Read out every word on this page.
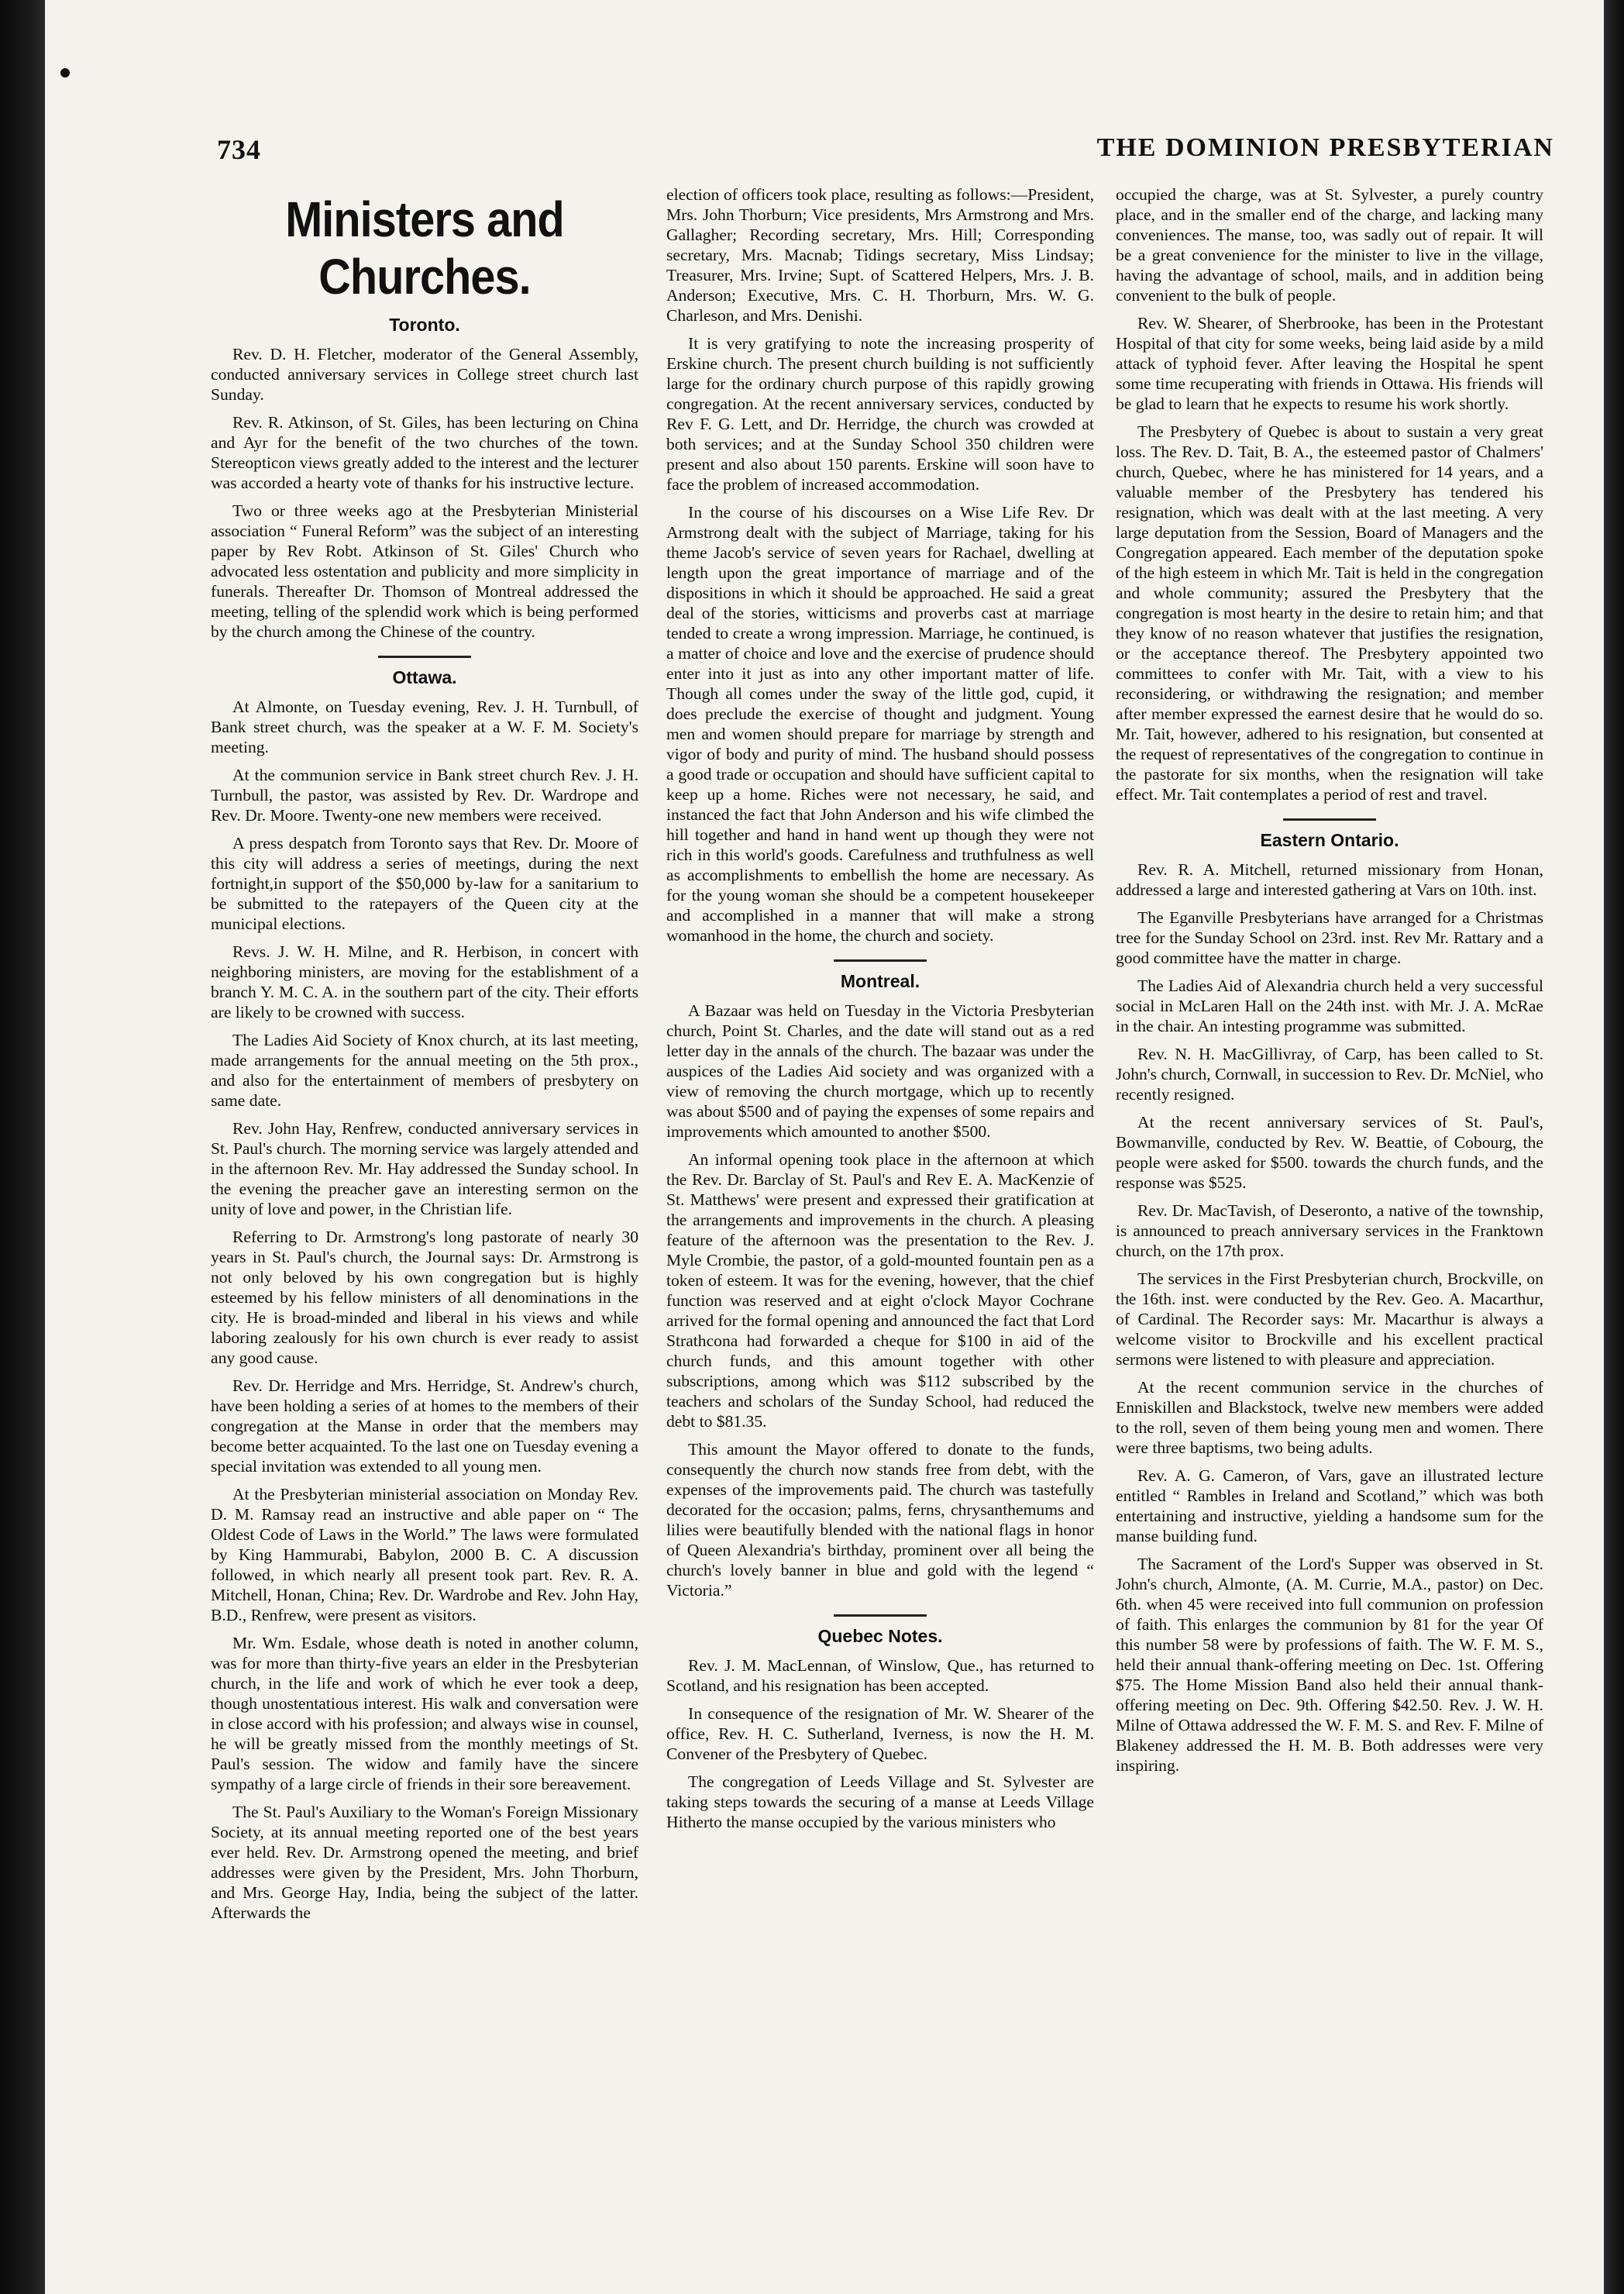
734	THE DOMINION PRESBYTERIAN
Ministers and Churches.
Toronto.

Rev. D. H. Fletcher, moderator of the General Assembly, conducted anniversary services in College street church last Sunday.

Rev. R. Atkinson, of St. Giles, has been lecturing on China and Ayr for the benefit of the two churches of the town. Stereopticon views greatly added to the interest and the lecturer was accorded a hearty vote of thanks for his instructive lecture.

Two or three weeks ago at the Presbyterian Ministerial association “ Funeral Reform” was the subject of an interesting paper by Rev Robt. Atkinson of St. Giles' Church who advocated less ostentation and publicity and more simplicity in funerals. Thereafter Dr. Thomson of Montreal addressed the meeting, telling of the splendid work which is being performed by the church among the Chinese of the country.

Ottawa.

At Almonte, on Tuesday evening, Rev. J. H. Turnbull, of Bank street church, was the speaker at a W. F. M. Society's meeting.

At the communion service in Bank street church Rev. J. H. Turnbull, the pastor, was assisted by Rev. Dr. Wardrope and Rev. Dr. Moore. Twenty-one new members were received.

A press despatch from Toronto says that Rev. Dr. Moore of this city will address a series of meetings, during the next fortnight,in support of the $50,000 by-law for a sanitarium to be submitted to the ratepayers of the Queen city at the municipal elections.

Revs. J. W. H. Milne, and R. Herbison, in concert with neighboring ministers, are moving for the establishment of a branch Y. M. C. A. in the southern part of the city. Their efforts are likely to be crowned with success.

The Ladies Aid Society of Knox church, at its last meeting, made arrangements for the annual meeting on the 5th prox., and also for the entertainment of members of presbytery on same date.

Rev. John Hay, Renfrew, conducted anniversary services in St. Paul's church. The morning service was largely attended and in the afternoon Rev. Mr. Hay addressed the Sunday school. In the evening the preacher gave an interesting sermon on the unity of love and power, in the Christian life.

Referring to Dr. Armstrong's long pastorate of nearly 30 years in St. Paul's church, the Journal says: Dr. Armstrong is not only beloved by his own congregation but is highly esteemed by his fellow ministers of all denominations in the city. He is broad-minded and liberal in his views and while laboring zealously for his own church is ever ready to assist any good cause.

Rev. Dr. Herridge and Mrs. Herridge, St. Andrew's church, have been holding a series of at homes to the members of their congregation at the Manse in order that the members may become better acquainted. To the last one on Tuesday evening a special invitation was extended to all young men.

At the Presbyterian ministerial association on Monday Rev. D. M. Ramsay read an instructive and able paper on “ The Oldest Code of Laws in the World.” The laws were formulated by King Hammurabi, Babylon, 2000 B. C. A discussion followed, in which nearly all present took part. Rev. R. A. Mitchell, Honan, China; Rev. Dr. Wardrobe and Rev. John Hay, B.D., Renfrew, were present as visitors.

Mr. Wm. Esdale, whose death is noted in another column, was for more than thirty-five years an elder in the Presbyterian church, in the life and work of which he ever took a deep, though unostentatious interest. His walk and conversation were in close accord with his profession; and always wise in counsel, he will be greatly missed from the monthly meetings of St. Paul's session. The widow and family have the sincere sympathy of a large circle of friends in their sore bereavement.

The St. Paul's Auxiliary to the Woman's Foreign Missionary Society, at its annual meeting reported one of the best years ever held. Rev. Dr. Armstrong opened the meeting, and brief addresses were given by the President, Mrs. John Thorburn, and Mrs. George Hay, India, being the subject of the latter. Afterwards the

election of officers took place, resulting as follows:—President, Mrs. John Thorburn; Vice presidents, Mrs Armstrong and Mrs. Gallagher; Recording secretary, Mrs. Hill; Corresponding secretary, Mrs. Macnab; Tidings secretary, Miss Lindsay; Treasurer, Mrs. Irvine; Supt. of Scattered Helpers, Mrs. J. B. Anderson; Executive, Mrs. C. H. Thorburn, Mrs. W. G. Charleson, and Mrs. Denishi.

It is very gratifying to note the increasing prosperity of Erskine church. The present church building is not sufficiently large for the ordinary church purpose of this rapidly growing congregation. At the recent anniversary services, conducted by Rev F. G. Lett, and Dr. Herridge, the church was crowded at both services; and at the Sunday School 350 children were present and also about 150 parents. Erskine will soon have to face the problem of increased accommodation.

In the course of his discourses on a Wise Life Rev. Dr Armstrong dealt with the subject of Marriage, taking for his theme Jacob's service of seven years for Rachael, dwelling at length upon the great importance of marriage and of the dispositions in which it should be approached. He said a great deal of the stories, witticisms and proverbs cast at marriage tended to create a wrong impression. Marriage, he continued, is a matter of choice and love and the exercise of prudence should enter into it just as into any other important matter of life. Though all comes under the sway of the little god, cupid, it does preclude the exercise of thought and judgment. Young men and women should prepare for marriage by strength and vigor of body and purity of mind. The husband should possess a good trade or occupation and should have sufficient capital to keep up a home. Riches were not necessary, he said, and instanced the fact that John Anderson and his wife climbed the hill together and hand in hand went up though they were not rich in this world's goods. Carefulness and truthfulness as well as accomplishments to embellish the home are necessary. As for the young woman she should be a competent housekeeper and accomplished in a manner that will make a strong womanhood in the home, the church and society.

Montreal.

A Bazaar was held on Tuesday in the Victoria Presbyterian church, Point St. Charles, and the date will stand out as a red letter day in the annals of the church. The bazaar was under the auspices of the Ladies Aid society and was organized with a view of removing the church mortgage, which up to recently was about $500 and of paying the expenses of some repairs and improvements which amounted to another $500.

An informal opening took place in the afternoon at which the Rev. Dr. Barclay of St. Paul's and Rev E. A. MacKenzie of St. Matthews' were present and expressed their gratification at the arrangements and improvements in the church. A pleasing feature of the afternoon was the presentation to the Rev. J. Myle Crombie, the pastor, of a gold-mounted fountain pen as a token of esteem. It was for the evening, however, that the chief function was reserved and at eight o'clock Mayor Cochrane arrived for the formal opening and announced the fact that Lord Strathcona had forwarded a cheque for $100 in aid of the church funds, and this amount together with other subscriptions, among which was $112 subscribed by the teachers and scholars of the Sunday School, had reduced the debt to $81.35.

This amount the Mayor offered to donate to the funds, consequently the church now stands free from debt, with the expenses of the improvements paid. The church was tastefully decorated for the occasion; palms, ferns, chrysanthemums and lilies were beautifully blended with the national flags in honor of Queen Alexandria's birthday, prominent over all being the church's lovely banner in blue and gold with the legend “ Victoria.”

Quebec Notes.

Rev. J. M. MacLennan, of Winslow, Que., has returned to Scotland, and his resignation has been accepted.

In consequence of the resignation of Mr. W. Shearer of the office, Rev. H. C. Sutherland, Iverness, is now the H. M. Convener of the Presbytery of Quebec.

The congregation of Leeds Village and St. Sylvester are taking steps towards the securing of a manse at Leeds Village Hitherto the manse occupied by the various ministers who

occupied the charge, was at St. Sylvester, a purely country place, and in the smaller end of the charge, and lacking many conveniences. The manse, too, was sadly out of repair. It will be a great convenience for the minister to live in the village, having the advantage of school, mails, and in addition being convenient to the bulk of people.

Rev. W. Shearer, of Sherbrooke, has been in the Protestant Hospital of that city for some weeks, being laid aside by a mild attack of typhoid fever. After leaving the Hospital he spent some time recuperating with friends in Ottawa. His friends will be glad to learn that he expects to resume his work shortly.

The Presbytery of Quebec is about to sustain a very great loss. The Rev. D. Tait, B. A., the esteemed pastor of Chalmers' church, Quebec, where he has ministered for 14 years, and a valuable member of the Presbytery has tendered his resignation, which was dealt with at the last meeting. A very large deputation from the Session, Board of Managers and the Congregation appeared. Each member of the deputation spoke of the high esteem in which Mr. Tait is held in the congregation and whole community; assured the Presbytery that the congregation is most hearty in the desire to retain him; and that they know of no reason whatever that justifies the resignation, or the acceptance thereof. The Presbytery appointed two committees to confer with Mr. Tait, with a view to his reconsidering, or withdrawing the resignation; and member after member expressed the earnest desire that he would do so. Mr. Tait, however, adhered to his resignation, but consented at the request of representatives of the congregation to continue in the pastorate for six months, when the resignation will take effect. Mr. Tait contemplates a period of rest and travel.

Eastern Ontario.

Rev. R. A. Mitchell, returned missionary from Honan, addressed a large and interested gathering at Vars on 10th. inst.

The Eganville Presbyterians have arranged for a Christmas tree for the Sunday School on 23rd. inst. Rev Mr. Rattary and a good committee have the matter in charge.

The Ladies Aid of Alexandria church held a very successful social in McLaren Hall on the 24th inst. with Mr. J. A. McRae in the chair. An intesting programme was submitted.

Rev. N. H. MacGillivray, of Carp, has been called to St. John's church, Cornwall, in succession to Rev. Dr. McNiel, who recently resigned.

At the recent anniversary services of St. Paul's, Bowmanville, conducted by Rev. W. Beattie, of Cobourg, the people were asked for $500. towards the church funds, and the response was $525.

Rev. Dr. MacTavish, of Deseronto, a native of the township, is announced to preach anniversary services in the Franktown church, on the 17th prox.

The services in the First Presbyterian church, Brockville, on the 16th. inst. were conducted by the Rev. Geo. A. Macarthur, of Cardinal. The Recorder says: Mr. Macarthur is always a welcome visitor to Brockville and his excellent practical sermons were listened to with pleasure and appreciation.

At the recent communion service in the churches of Enniskillen and Blackstock, twelve new members were added to the roll, seven of them being young men and women. There were three baptisms, two being adults.

Rev. A. G. Cameron, of Vars, gave an illustrated lecture entitled “ Rambles in Ireland and Scotland,” which was both entertaining and instructive, yielding a handsome sum for the manse building fund.

The Sacrament of the Lord's Supper was observed in St. John's church, Almonte, (A. M. Currie, M.A., pastor) on Dec. 6th. when 45 were received into full communion on profession of faith. This enlarges the communion by 81 for the year Of this number 58 were by professions of faith. The W. F. M. S., held their annual thank-offering meeting on Dec. 1st. Offering $75. The Home Mission Band also held their annual thank-offering meeting on Dec. 9th. Offering $42.50. Rev. J. W. H. Milne of Ottawa addressed the W. F. M. S. and Rev. F. Milne of Blakeney addressed the H. M. B. Both addresses were very inspiring.
